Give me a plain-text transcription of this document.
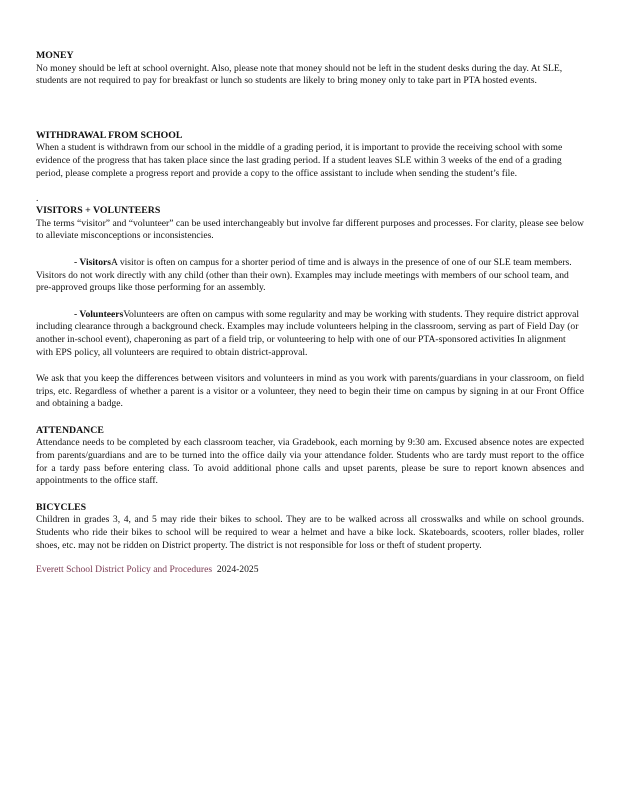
MONEY

No money should be left at school overnight. Also, please note that money should not be left in the student desks during the day. At SLE, students are not required to pay for breakfast or lunch so students are likely to bring money only to take part in PTA hosted events.

WITHDRAWAL FROM SCHOOL

When a student is withdrawn from our school in the middle of a grading period, it is important to provide the receiving school with some evidence of the progress that has taken place since the last grading period. If a student leaves SLE within 3 weeks of the end of a grading period, please complete a progress report and provide a copy to the office assistant to include when sending the student’s file.

.
VISITORS + VOLUNTEERS

The terms “visitor” and “volunteer” can be used interchangeably but involve far different purposes and processes. For clarity, please see below to alleviate misconceptions or inconsistencies.

- VisitorsA visitor is often on campus for a shorter period of time and is always in the presence of one of our SLE team members. Visitors do not work directly with any child (other than their own). Examples may include meetings with members of our school team, and pre-approved groups like those performing for an assembly.

- VolunteersVolunteers are often on campus with some regularity and may be working with students. They require district approval including clearance through a background check. Examples may include volunteers helping in the classroom, serving as part of Field Day (or another in-school event), chaperoning as part of a field trip, or volunteering to help with one of our PTA-sponsored activities In alignment with EPS policy, all volunteers are required to obtain district-approval.

We ask that you keep the differences between visitors and volunteers in mind as you work with parents/guardians in your classroom, on field trips, etc. Regardless of whether a parent is a visitor or a volunteer, they need to begin their time on campus by signing in at our Front Office and obtaining a badge.

ATTENDANCE

Attendance needs to be completed by each classroom teacher, via Gradebook, each morning by 9:30 am. Excused absence notes are expected from parents/guardians and are to be turned into the office daily via your attendance folder. Students who are tardy must report to the office for a tardy pass before entering class. To avoid additional phone calls and upset parents, please be sure to report known absences and appointments to the office staff.

BICYCLES

Children in grades 3, 4, and 5 may ride their bikes to school. They are to be walked across all crosswalks and while on school grounds. Students who ride their bikes to school will be required to wear a helmet and have a bike lock. Skateboards, scooters, roller blades, roller shoes, etc. may not be ridden on District property. The district is not responsible for loss or theft of student property.

Everett School District Policy and Procedures 2024-2025
